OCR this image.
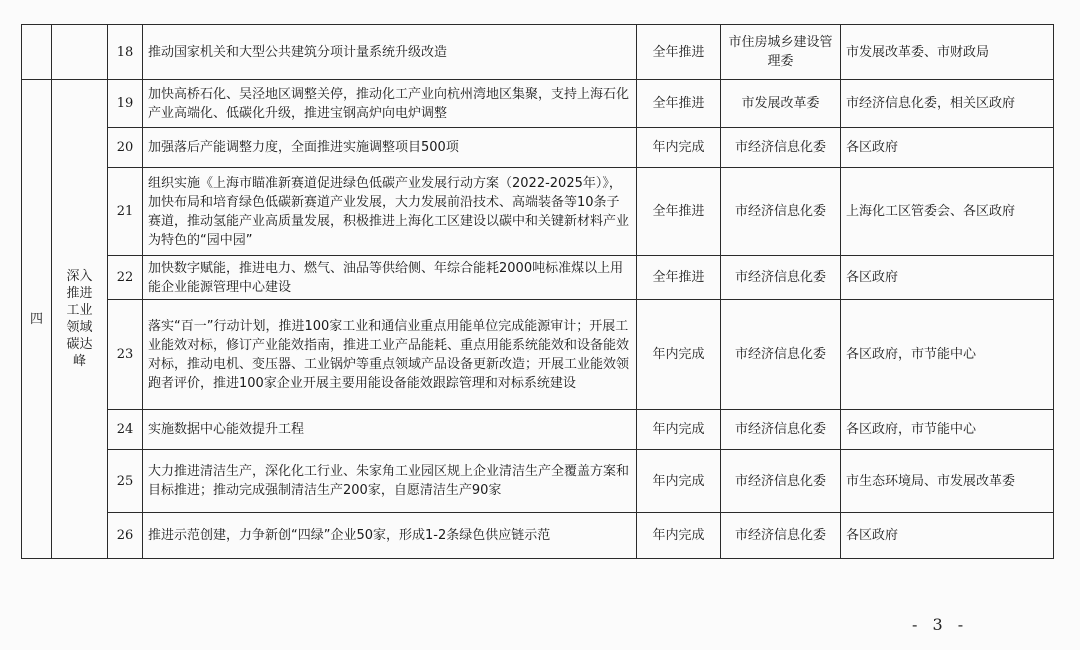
		18	推动国家机关和大型公共建筑分项计量系统升级改造	全年推进	市住房城乡建设管理委	市发展改革委、市财政局
四	深入推进工业领域碳达峰	19	加快高桥石化、吴泾地区调整关停，推动化工产业向杭州湾地区集聚，支持上海石化产业高端化、低碳化升级，推进宝钢高炉向电炉调整	全年推进	市发展改革委	市经济信息化委，相关区政府
		20	加强落后产能调整力度，全面推进实施调整项目500项	年内完成	市经济信息化委	各区政府
		21	组织实施《上海市瞄准新赛道促进绿色低碳产业发展行动方案（2022-2025年）》，加快布局和培育绿色低碳新赛道产业发展，大力发展前沿技术、高端装备等10条子赛道，推动氢能产业高质量发展，积极推进上海化工区建设以碳中和关键新材料产业为特色的“园中园”	全年推进	市经济信息化委	上海化工区管委会、各区政府
		22	加快数字赋能，推进电力、燃气、油品等供给侧、年综合能耗2000吨标准煤以上用能企业能源管理中心建设	全年推进	市经济信息化委	各区政府
		23	落实“百一”行动计划，推进100家工业和通信业重点用能单位完成能源审计；开展工业能效对标，修订产业能效指南，推进工业产品能耗、重点用能系统能效和设备能效对标，推动电机、变压器、工业锅炉等重点领域产品设备更新改造；开展工业能效领跑者评价，推进100家企业开展主要用能设备能效跟踪管理和对标系统建设	年内完成	市经济信息化委	各区政府，市节能中心
		24	实施数据中心能效提升工程	年内完成	市经济信息化委	各区政府，市节能中心
		25	大力推进清洁生产，深化化工行业、朱家角工业园区规上企业清洁生产全覆盖方案和目标推进；推动完成强制清洁生产200家，自愿清洁生产90家	年内完成	市经济信息化委	市生态环境局、市发展改革委
		26	推进示范创建，力争新创“四绿”企业50家，形成1-2条绿色供应链示范	年内完成	市经济信息化委	各区政府
- 3 -
